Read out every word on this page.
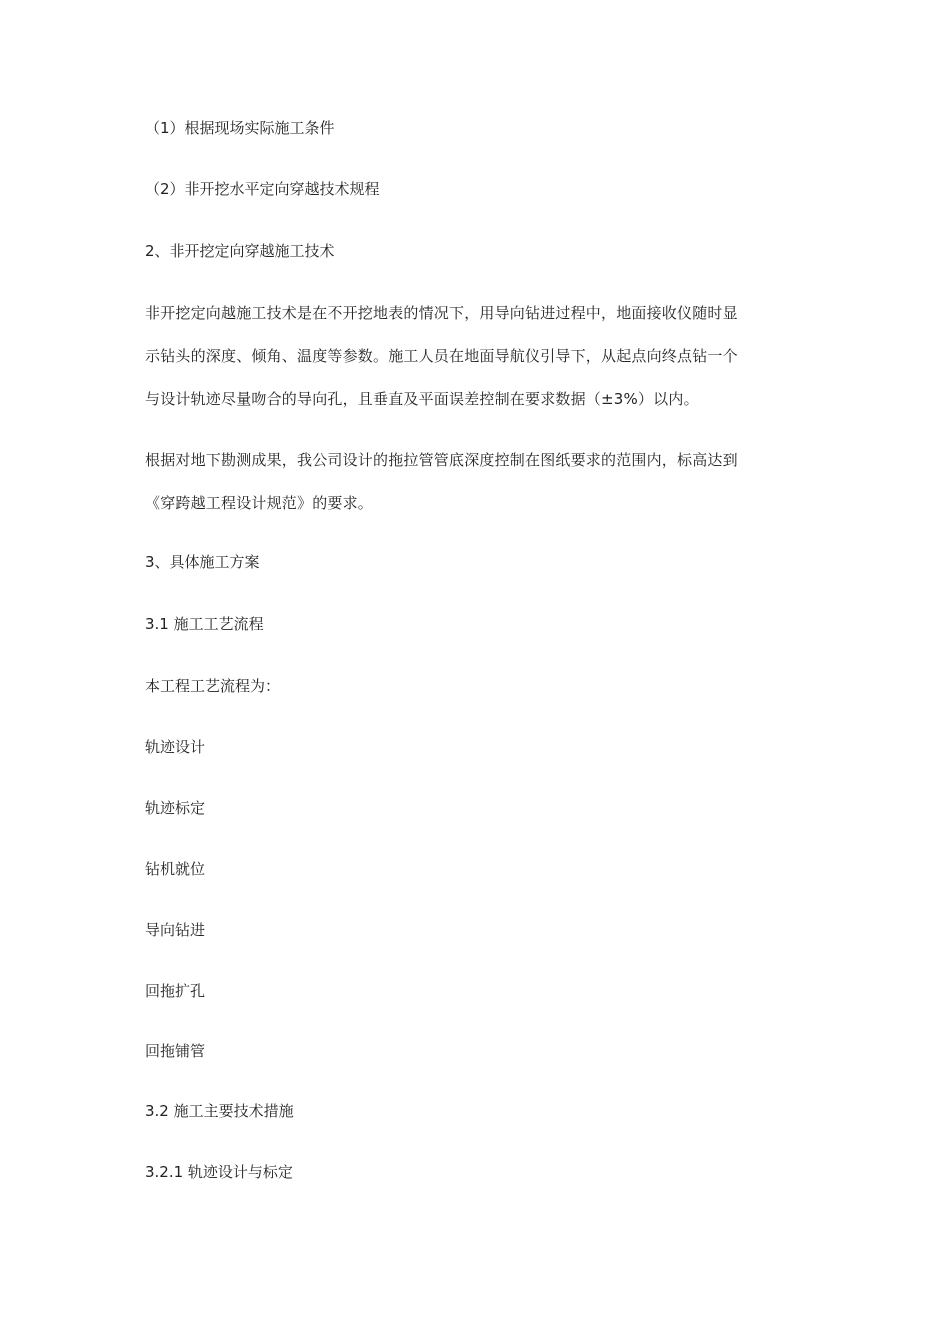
（1）根据现场实际施工条件
（2）非开挖水平定向穿越技术规程
2、非开挖定向穿越施工技术
非开挖定向越施工技术是在不开挖地表的情况下，用导向钻进过程中，地面接收仪随时显
示钻头的深度、倾角、温度等参数。施工人员在地面导航仪引导下，从起点向终点钻一个
与设计轨迹尽量吻合的导向孔，且垂直及平面误差控制在要求数据（±3%）以内。
根据对地下勘测成果，我公司设计的拖拉管管底深度控制在图纸要求的范围内，标高达到
《穿跨越工程设计规范》的要求。
3、具体施工方案
3.1 施工工艺流程
本工程工艺流程为：
轨迹设计
轨迹标定
钻机就位
导向钻进
回拖扩孔
回拖铺管
3.2 施工主要技术措施
3.2.1 轨迹设计与标定
